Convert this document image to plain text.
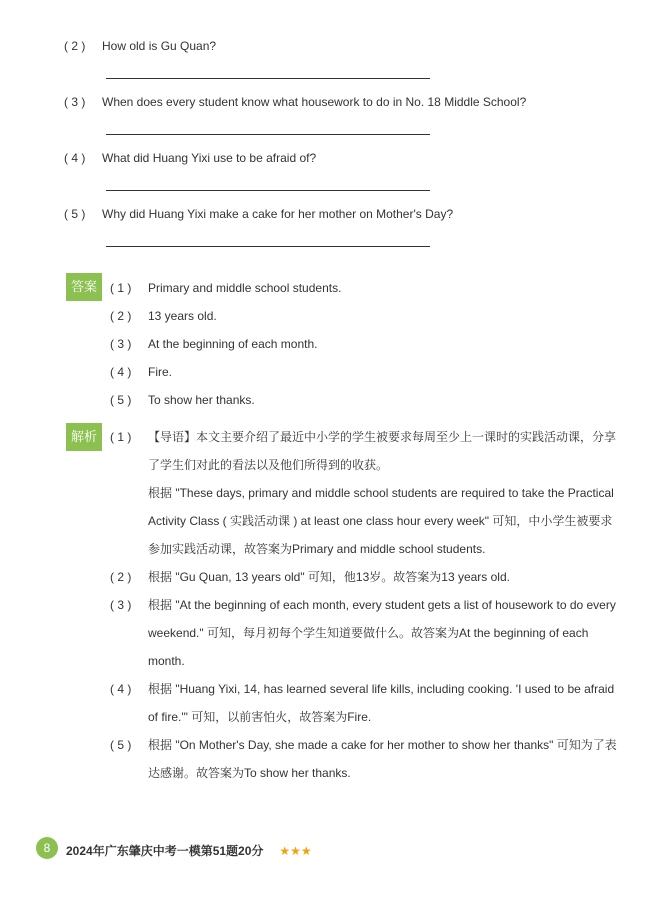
( 2 ) How old is Gu Quan?
( 3 ) When does every student know what housework to do in No. 18 Middle School?
( 4 ) What did Huang Yixi use to be afraid of?
( 5 ) Why did Huang Yixi make a cake for her mother on Mother's Day?
答案	( 1 ) Primary and middle school students.
( 2 ) 13 years old.
( 3 ) At the beginning of each month.
( 4 ) Fire.
( 5 ) To show her thanks.
解析	( 1 )	【导语】本文主要介绍了最近中小学的学生被要求每周至少上一课时的实践活动课，分享了学生们对此的看法以及他们所得到的收获。
根据 "These days, primary and middle school students are required to take the Practical Activity Class ( 实践活动课 ) at least one class hour every week" 可知，中小学生被要求参加实践活动课，故答案为Primary and middle school students.
( 2 )	根据 "Gu Quan, 13 years old" 可知，他13岁。故答案为13 years old.
( 3 )	根据 "At the beginning of each month, every student gets a list of housework to do every weekend." 可知，每月初每个学生知道要做什么。故答案为At the beginning of each month.
( 4 )	根据 "Huang Yixi, 14, has learned several life kills, including cooking. 'I used to be afraid of fire.'" 可知，以前害怕火，故答案为Fire.
( 5 )	根据 "On Mother's Day, she made a cake for her mother to show her thanks" 可知为了表达感谢。故答案为To show her thanks.
8	2024年广东肇庆中考一模第51题20分 ★★★
